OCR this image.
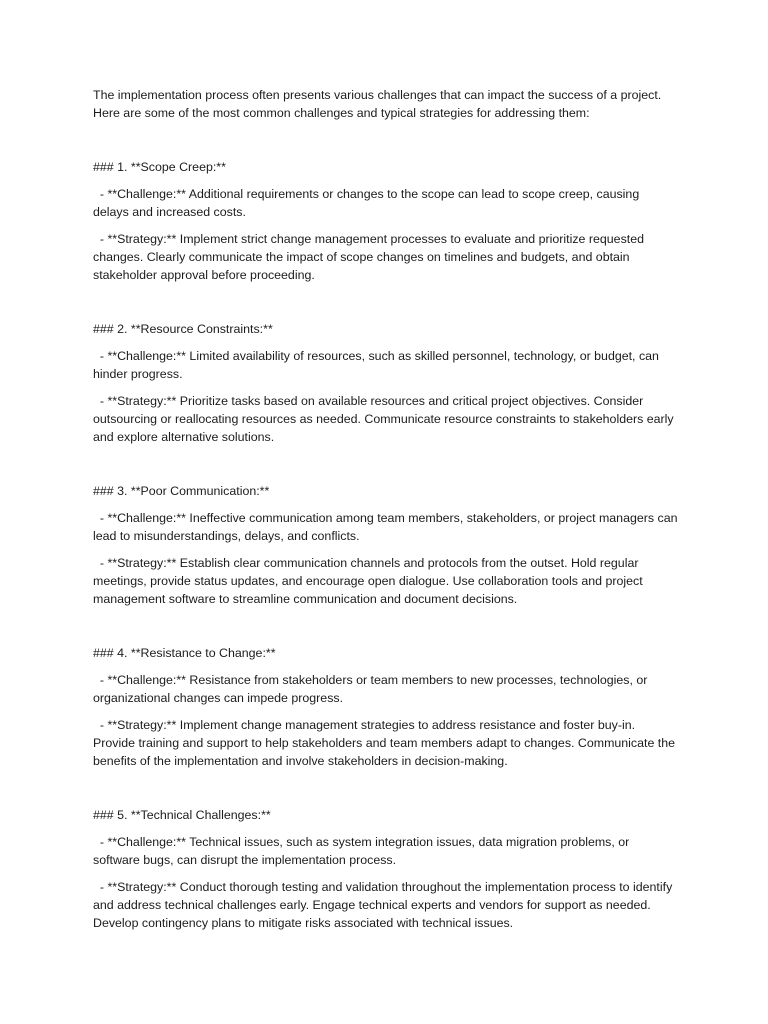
The implementation process often presents various challenges that can impact the success of a project. Here are some of the most common challenges and typical strategies for addressing them:

### 1. **Scope Creep:**

- **Challenge:** Additional requirements or changes to the scope can lead to scope creep, causing delays and increased costs.

- **Strategy:** Implement strict change management processes to evaluate and prioritize requested changes. Clearly communicate the impact of scope changes on timelines and budgets, and obtain stakeholder approval before proceeding.

### 2. **Resource Constraints:**

- **Challenge:** Limited availability of resources, such as skilled personnel, technology, or budget, can hinder progress.

- **Strategy:** Prioritize tasks based on available resources and critical project objectives. Consider outsourcing or reallocating resources as needed. Communicate resource constraints to stakeholders early and explore alternative solutions.

### 3. **Poor Communication:**

- **Challenge:** Ineffective communication among team members, stakeholders, or project managers can lead to misunderstandings, delays, and conflicts.

- **Strategy:** Establish clear communication channels and protocols from the outset. Hold regular meetings, provide status updates, and encourage open dialogue. Use collaboration tools and project management software to streamline communication and document decisions.

### 4. **Resistance to Change:**

- **Challenge:** Resistance from stakeholders or team members to new processes, technologies, or organizational changes can impede progress.

- **Strategy:** Implement change management strategies to address resistance and foster buy-in. Provide training and support to help stakeholders and team members adapt to changes. Communicate the benefits of the implementation and involve stakeholders in decision-making.

### 5. **Technical Challenges:**

- **Challenge:** Technical issues, such as system integration issues, data migration problems, or software bugs, can disrupt the implementation process.

- **Strategy:** Conduct thorough testing and validation throughout the implementation process to identify and address technical challenges early. Engage technical experts and vendors for support as needed. Develop contingency plans to mitigate risks associated with technical issues.
